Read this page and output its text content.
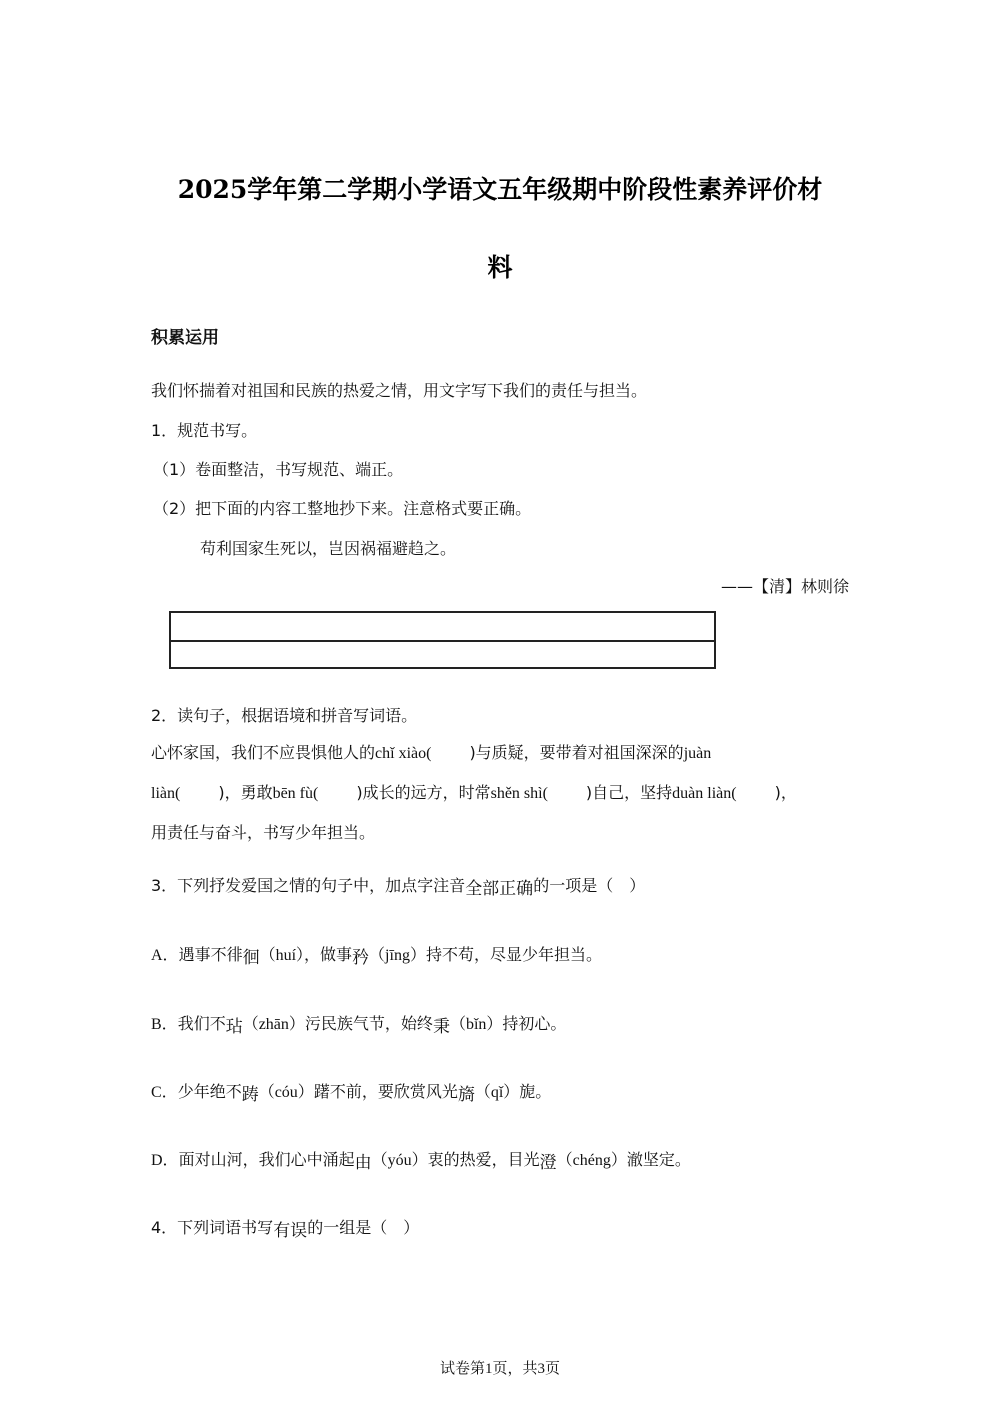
2025学年第二学期小学语文五年级期中阶段性素养评价材
料
积累运用
我们怀揣着对祖国和民族的热爱之情，用文字写下我们的责任与担当。
1．规范书写。
（1）卷面整洁，书写规范、端正。
（2）把下面的内容工整地抄下来。注意格式要正确。
苟利国家生死以，岂因祸福避趋之。
——【清】林则徐
2．读句子，根据语境和拼音写词语。
心怀家国，我们不应畏惧他人的chǐ xiào( )与质疑，要带着对祖国深深的juàn
liàn( )，勇敢bēn fù( )成长的远方，时常shěn shì( )自己，坚持duàn liàn( )，
用责任与奋斗，书写少年担当。
3．下列抒发爱国之情的句子中，加点字注音全部正确的一项是（　）
A．遇事不徘徊（huí），做事矜（jīng）持不苟，尽显少年担当。
B．我们不玷（zhān）污民族气节，始终秉（bǐn）持初心。
C．少年绝不踌（cóu）躇不前，要欣赏风光旖（qǐ）旎。
D．面对山河，我们心中涌起由（yóu）衷的热爱，目光澄（chéng）澈坚定。
4．下列词语书写有误的一组是（　）
试卷第1页，共3页
